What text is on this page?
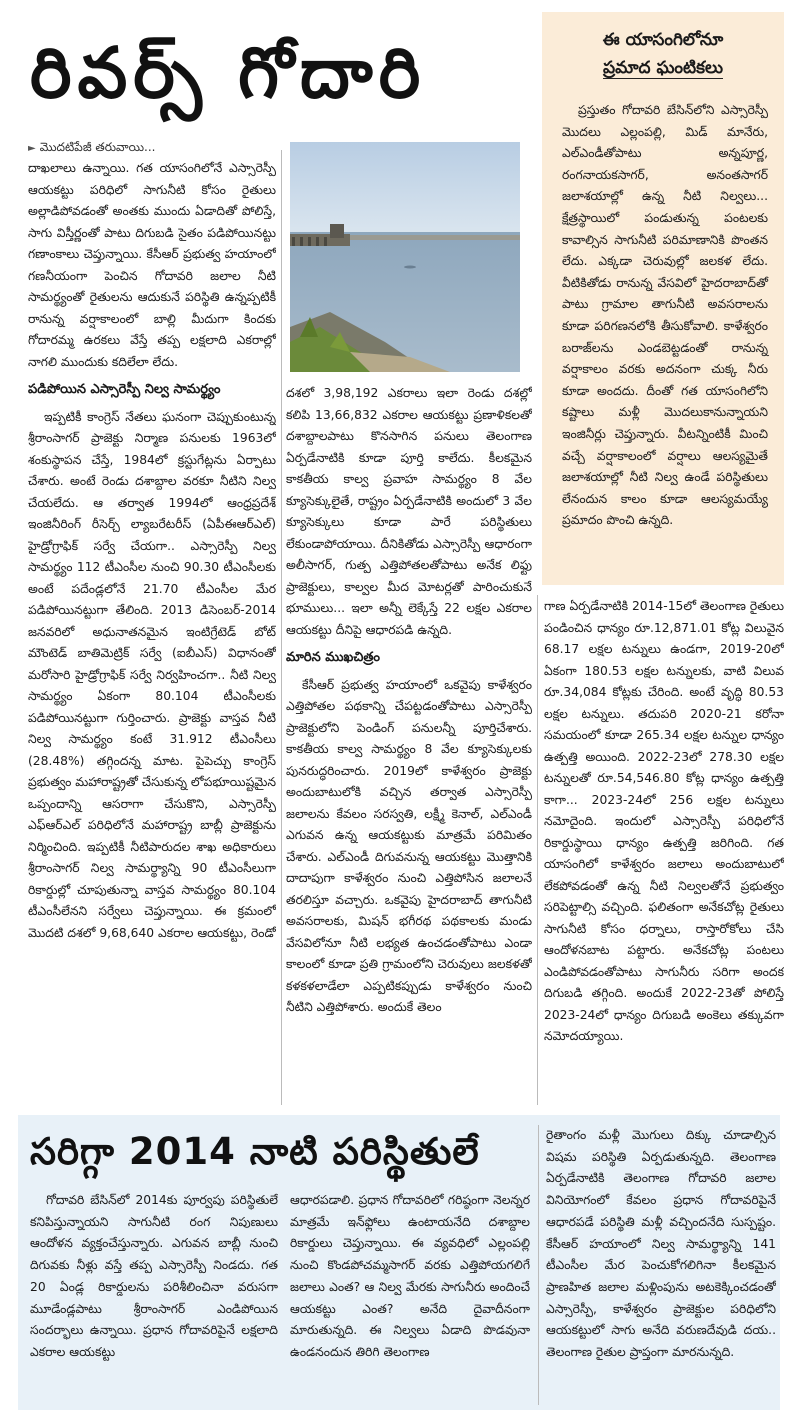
రివర్స్ గోదారి
► మొదటిపేజీ తరువాయి...

దాఖలాలు ఉన్నాయి. గత యాసంగిలోనే ఎస్సారెస్పీ ఆయకట్టు పరిధిలో సాగునీటి కోసం రైతులు అల్లాడిపోవడంతో అంతకు ముందు ఏడాదితో పోలిస్తే, సాగు విస్తీర్ణంతో పాటు దిగుబడి సైతం పడిపోయినట్టు గణాంకాలు చెప్తున్నాయి. కేసీఆర్‌ ప్రభుత్వ హయాంలో గణనీయంగా పెంచిన గోదావరి జలాల నీటి సామర్థ్యంతో రైతులను ఆదుకునే పరిస్థితి ఉన్నప్పటికీ రానున్న వర్షాకాలంలో బాల్లి మీదుగా కిందకు గోదారమ్మ ఉరకలు వేస్తే తప్ప లక్షలాది ఎకరాల్లో నాగలి ముందుకు కదిలేలా లేదు.

పడిపోయిన ఎస్సారెస్పీ నిల్వ సామర్థ్యం

ఇప్పటికీ కాంగ్రెస్‌ నేతలు ఘనంగా చెప్పుకుంటున్న శ్రీరాంసాగర్‌ ప్రాజెక్టు నిర్మాణ పనులకు 1963లో శంకుస్థాపన చేస్తే, 1984లో క్రస్టుగేట్లను ఏర్పాటు చేశారు. అంటే రెండు దశాబ్దాల వరకూ నీటిని నిల్వ చేయలేదు. ఆ తర్వాత 1994లో ఆంధ్రప్రదేశ్‌ ఇంజినీరింగ్‌ రీసెర్చ్‌ ల్యాబరేటరీస్‌ (ఏపీఈఆర్‌ఎల్‌) హైడ్రోగ్రాఫిక్‌ సర్వే చేయగా.. ఎస్సారెస్పీ నిల్వ సామర్థ్యం 112 టీఎంసీల నుంచి 90.30 టీఎంసీలకు అంటే పదేండ్లలోనే 21.70 టీఎంసీల మేర పడిపోయినట్టుగా తేలింది. 2013 డిసెంబర్‌-2014 జనవరిలో అధునాతనమైన ఇంటిగ్రేటెడ్‌ బోట్‌ మౌంటెడ్‌ బాతిమెట్రిక్‌ సర్వే (ఐబీఎస్‌) విధానంతో మరోసారి హైడ్రోగ్రాఫిక్‌ సర్వే నిర్వహించగా.. నీటి నిల్వ సామర్థ్యం ఏకంగా 80.104 టీఎంసీలకు పడిపోయినట్టుగా గుర్తించారు. ప్రాజెక్టు వాస్తవ నీటి నిల్వ సామర్థ్యం కంటే 31.912 టీఎంసీలు (28.48%) తగ్గిందన్న మాట. పైపెచ్చు కాంగ్రెస్‌ ప్రభుత్వం మహారాష్ట్రతో చేసుకున్న లోపభూయిష్టమైన ఒప్పందాన్ని ఆసరాగా చేసుకొని, ఎస్సారెస్పీ ఎఫ్‌ఆర్‌ఎల్‌ పరిధిలోనే మహారాష్ట్ర బాబ్లీ ప్రాజెక్టును నిర్మించింది. ఇప్పటికీ నీటిపారుదల శాఖ అధికారులు శ్రీరాంసాగర్‌ నిల్వ సామర్థ్యాన్ని 90 టీఎంసీలుగా రికార్డుల్లో చూపుతున్నా వాస్తవ సామర్థ్యం 80.104 టీఎంసీలేనని సర్వేలు చెప్తున్నాయి. ఈ క్రమంలో మొదటి దశలో 9,68,640 ఎకరాల ఆయకట్టు, రెండో

దశలో 3,98,192 ఎకరాలు ఇలా రెండు దశల్లో కలిపి 13,66,832 ఎకరాల ఆయకట్టు ప్రణాళికలతో దశాబ్దాలపాటు కొనసాగిన పనులు తెలంగాణ ఏర్పడేనాటికి కూడా పూర్తి కాలేదు. కీలకమైన కాకతీయ కాల్వ ప్రవాహ సామర్థ్యం 8 వేల క్యూసెక్కులైతే, రాష్ట్రం ఏర్పడేనాటికి అందులో 3 వేల క్యూసెక్కులు కూడా పారే పరిస్థితులు లేకుండాపోయాయి. దీనికితోడు ఎస్సారెస్పీ ఆధారంగా అలీసాగర్‌, గుత్ప ఎత్తిపోతలతోపాటు అనేక లిఫ్టు ప్రాజెక్టులు, కాల్వల మీద మోటర్లతో పారించుకునే భూములు... ఇలా అన్నీ లెక్కేస్తే 22 లక్షల ఎకరాల ఆయకట్టు దీనిపై ఆధారపడి ఉన్నది.

మారిన ముఖచిత్రం

కేసీఆర్‌ ప్రభుత్వ హయాంలో ఒకవైపు కాళేశ్వరం ఎత్తిపోతల పథకాన్ని చేపట్టడంతోపాటు ఎస్సారెస్పీ ప్రాజెక్టులోని పెండింగ్‌ పనులన్నీ పూర్తిచేశారు. కాకతీయ కాల్వ సామర్థ్యం 8 వేల క్యూసెక్కులకు పునరుద్ధరించారు. 2019లో కాళేశ్వరం ప్రాజెక్టు అందుబాటులోకి వచ్చిన తర్వాత ఎస్సారెస్పీ జలాలను కేవలం సరస్వతి, లక్ష్మీ కెనాల్‌, ఎల్‌ఎండీ ఎగువన ఉన్న ఆయకట్టుకు మాత్రమే పరిమితం చేశారు. ఎల్‌ఎండీ దిగువనున్న ఆయకట్టు మొత్తానికి దాదాపుగా కాళేశ్వరం నుంచి ఎత్తిపోసిన జలాలనే తరలిస్తూ వచ్చారు. ఒకవైపు హైదరాబాద్‌ తాగునీటి అవసరాలకు, మిషన్‌ భగీరథ పథకాలకు మండు వేసవిలోనూ నీటి లభ్యత ఉంచడంతోపాటు ఎండా కాలంలో కూడా ప్రతి గ్రామంలోని చెరువులు జలకళతో కళకళలాడేలా ఎప్పటికప్పుడు కాళేశ్వరం నుంచి నీటిని ఎత్తిపోశారు. అందుకే తెలం

ఈ యాసంగిలోనూ
ప్రమాద ఘంటికలు

ప్రస్తుతం గోదావరి బేసిన్‌లోని ఎస్సారెస్పీ మొదలు ఎల్లంపల్లి, మిడ్‌ మానేరు, ఎల్‌ఎండీతోపాటు అన్నపూర్ణ, రంగనాయకసాగర్‌, అనంతసాగర్‌ జలాశయాల్లో ఉన్న నీటి నిల్వలు... క్షేత్రస్థాయిలో పండుతున్న పంటలకు కావాల్సిన సాగునీటి పరిమాణానికి పొంతన లేదు. ఎక్కడా చెరువుల్లో జలకళ లేదు. వీటికితోడు రానున్న వేసవిలో హైదరాబాద్‌తో పాటు గ్రామాల తాగునీటి అవసరాలను కూడా పరిగణనలోకి తీసుకోవాలి. కాళేశ్వరం బరాజ్‌లను ఎండబెట్టడంతో రానున్న వర్షాకాలం వరకు అదనంగా చుక్క నీరు కూడా అందదు. దీంతో గత యాసంగిలోని కష్టాలు మళ్లీ మొదలుకానున్నాయని ఇంజినీర్లు చెప్తున్నారు. వీటన్నింటికీ మించి వచ్చే వర్షాకాలంలో వర్షాలు ఆలస్యమైతే జలాశయాల్లో నీటి నిల్వ ఉండే పరిస్థితులు లేనందున కాలం కూడా ఆలస్యమయ్యే ప్రమాదం పొంచి ఉన్నది.

గాణ ఏర్పడేనాటికి 2014-15లో తెలంగాణ రైతులు పండించిన ధాన్యం రూ.12,871.01 కోట్ల విలువైన 68.17 లక్షల టన్నులు ఉండగా, 2019-20లో ఏకంగా 180.53 లక్షల టన్నులకు, వాటి విలువ రూ.34,084 కోట్లకు చేరింది. అంటే వృద్ధి 80.53 లక్షల టన్నులు. తదుపరి 2020-21 కరోనా సమయంలో కూడా 265.34 లక్షల టన్నుల ధాన్యం ఉత్పత్తి అయింది. 2022-23లో 278.30 లక్షల టన్నులతో రూ.54,546.80 కోట్ల ధాన్యం ఉత్పత్తి కాగా... 2023-24లో 256 లక్షల టన్నులు నమోదైంది. ఇందులో ఎస్సారెస్పీ పరిధిలోనే రికార్డుస్థాయి ధాన్యం ఉత్పత్తి జరిగింది. గత యాసంగిలో కాళేశ్వరం జలాలు అందుబాటులో లేకపోవడంతో ఉన్న నీటి నిల్వలతోనే ప్రభుత్వం సరిపెట్టాల్సి వచ్చింది. ఫలితంగా అనేకచోట్ల రైతులు సాగునీటి కోసం ధర్నాలు, రాస్తారోకోలు చేసి ఆందోళనబాట పట్టారు. అనేకచోట్ల పంటలు ఎండిపోవడంతోపాటు సాగునీరు సరిగా అందక దిగుబడి తగ్గింది. అందుకే 2022-23తో పోలిస్తే 2023-24లో ధాన్యం దిగుబడి అంకెలు తక్కువగా నమోదయ్యాయి.

సరిగ్గా 2014 నాటి పరిస్థితులే

గోదావరి బేసిన్‌లో 2014కు పూర్వపు పరిస్థితులే కనిపిస్తున్నాయని సాగునీటి రంగ నిపుణులు ఆందోళన వ్యక్తంచేస్తున్నారు. ఎగువన బాబ్లీ నుంచి దిగువకు నీళ్లు వస్తే తప్ప ఎస్సారెస్పీ నిండదు. గత 20 ఏండ్ల రికార్డులను పరిశీలించినా వరుసగా మూడేండ్లపాటు శ్రీరాంసాగర్‌ ఎండిపోయిన సందర్భాలు ఉన్నాయి. ప్రధాన గోదావరిపైనే లక్షలాది ఎకరాల ఆయకట్టు

ఆధారపడాలి. ప్రధాన గోదావరిలో గరిష్ఠంగా నెలన్నర మాత్రమే ఇన్‌ఫ్లోలు ఉంటాయనేది దశాబ్దాల రికార్డులు చెప్తున్నాయి. ఈ వ్యవధిలో ఎల్లంపల్లి నుంచి కొండపోచమ్మసాగర్‌ వరకు ఎత్తిపోయగలిగే జలాలు ఎంత? ఆ నిల్వ మేరకు సాగునీరు అందించే ఆయకట్టు ఎంత? అనేది దైవాదీనంగా మారుతున్నది. ఈ నిల్వలు ఏడాది పొడవునా ఉండనందున తిరిగి తెలంగాణ

రైతాంగం మళ్లీ మొగులు దిక్కు చూడాల్సిన విషమ పరిస్థితి ఏర్పడుతున్నది. తెలంగాణ ఏర్పడేనాటికి తెలంగాణ గోదావరి జలాల వినియోగంలో కేవలం ప్రధాన గోదావరిపైనే ఆధారపడే పరిస్థితి మళ్లీ వచ్చిందనేది సుస్పష్టం. కేసీఆర్‌ హయాంలో నిల్వ సామర్థ్యాన్ని 141 టీఎంసీల మేర పెంచుకోగలిగినా కీలకమైన ప్రాణహిత జలాల మళ్లింపును అటకెక్కించడంతో ఎస్సారెస్పీ, కాళేశ్వరం ప్రాజెక్టుల పరిధిలోని ఆయకట్టులో సాగు అనేది వరుణదేవుడి దయ.. తెలంగాణ రైతుల ప్రాప్తంగా మారనున్నది.
